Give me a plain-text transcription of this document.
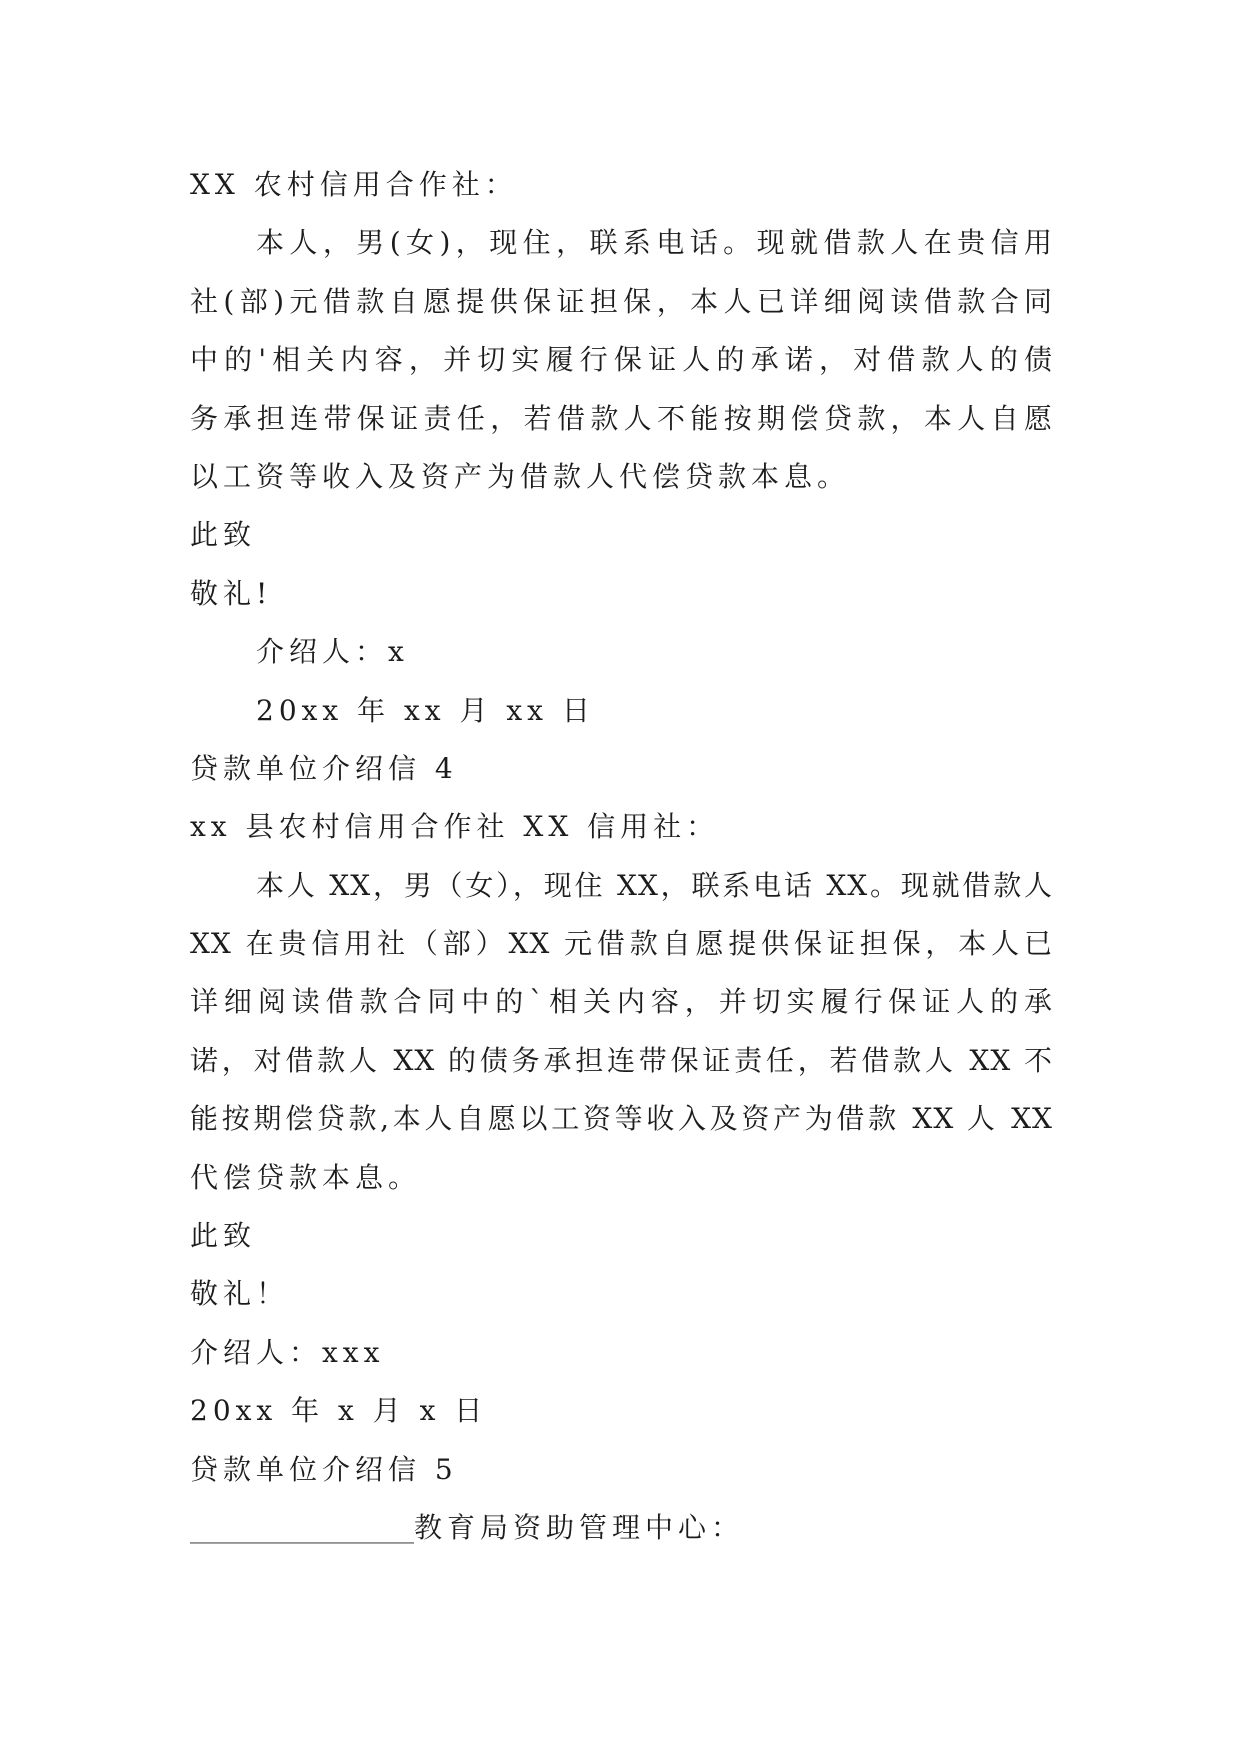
XX 农村信用合作社：
本人，男(女)，现住，联系电话。现就借款人在贵信用
社(部)元借款自愿提供保证担保，本人已详细阅读借款合同
中的'相关内容，并切实履行保证人的承诺，对借款人的债
务承担连带保证责任，若借款人不能按期偿贷款，本人自愿
以工资等收入及资产为借款人代偿贷款本息。
此致
敬礼!
介绍人：x
20xx 年 xx 月 xx 日
贷款单位介绍信 4
xx 县农村信用合作社 XX 信用社：
本人 XX，男（女），现住 XX，联系电话 XX。现就借款人
XX 在贵信用社（部）XX 元借款自愿提供保证担保，本人已
详细阅读借款合同中的`相关内容，并切实履行保证人的承
诺，对借款人 XX 的债务承担连带保证责任，若借款人 XX 不
能按期偿贷款,本人自愿以工资等收入及资产为借款 XX 人 XX
代偿贷款本息。
此致
敬礼！
介绍人：xxx
20xx 年 x 月 x 日
贷款单位介绍信 5
________________教育局资助管理中心：
